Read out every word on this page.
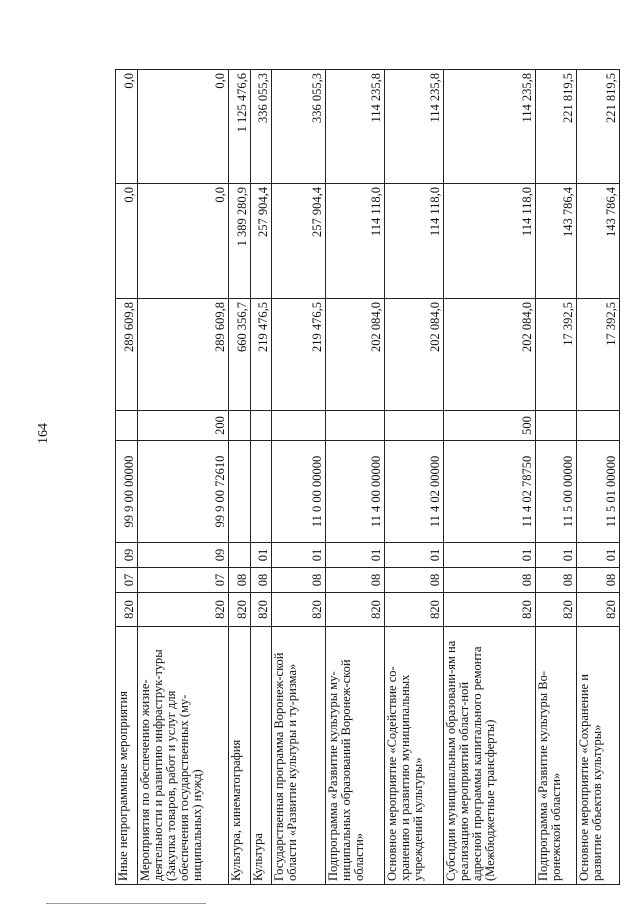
164
Иные непрограммные мероприятия	820	07	09	99 9 00 00000		289 609,8	0,0	0,0
Мероприятия по обеспечению жизне-деятельности и развитию инфраструк-туры (Закупка товаров, работ и услуг для обеспечения государственных (му-ниципальных) нужд)	820	07	09	99 9 00 72610	200	289 609,8	0,0	0,0
Культура, кинематография	820	08				660 356,7	1 389 280,9	1 125 476,6
Культура	820	08	01			219 476,5	257 904,4	336 055,3
Государственная программа Воронеж-ской области «Развитие культуры и ту-ризма»	820	08	01	11 0 00 00000		219 476,5	257 904,4	336 055,3
Подпрограмма «Развитие культуры му-ниципальных образований Воронеж-ской области»	820	08	01	11 4 00 00000		202 084,0	114 118,0	114 235,8
Основное мероприятие «Содействие со-хранению и развитию муниципальных учреждений культуры»	820	08	01	11 4 02 00000		202 084,0	114 118,0	114 235,8
Субсидии муниципальным образовани-ям на реализацию мероприятий област-ной адресной программы капитального ремонта (Межбюджетные трансферты)	820	08	01	11 4 02 78750	500	202 084,0	114 118,0	114 235,8
Подпрограмма «Развитие культуры Во-ронежской области»	820	08	01	11 5 00 00000		17 392,5	143 786,4	221 819,5
Основное мероприятие «Сохранение и развитие объектов культуры»	820	08	01	11 5 01 00000		17 392,5	143 786,4	221 819,5
